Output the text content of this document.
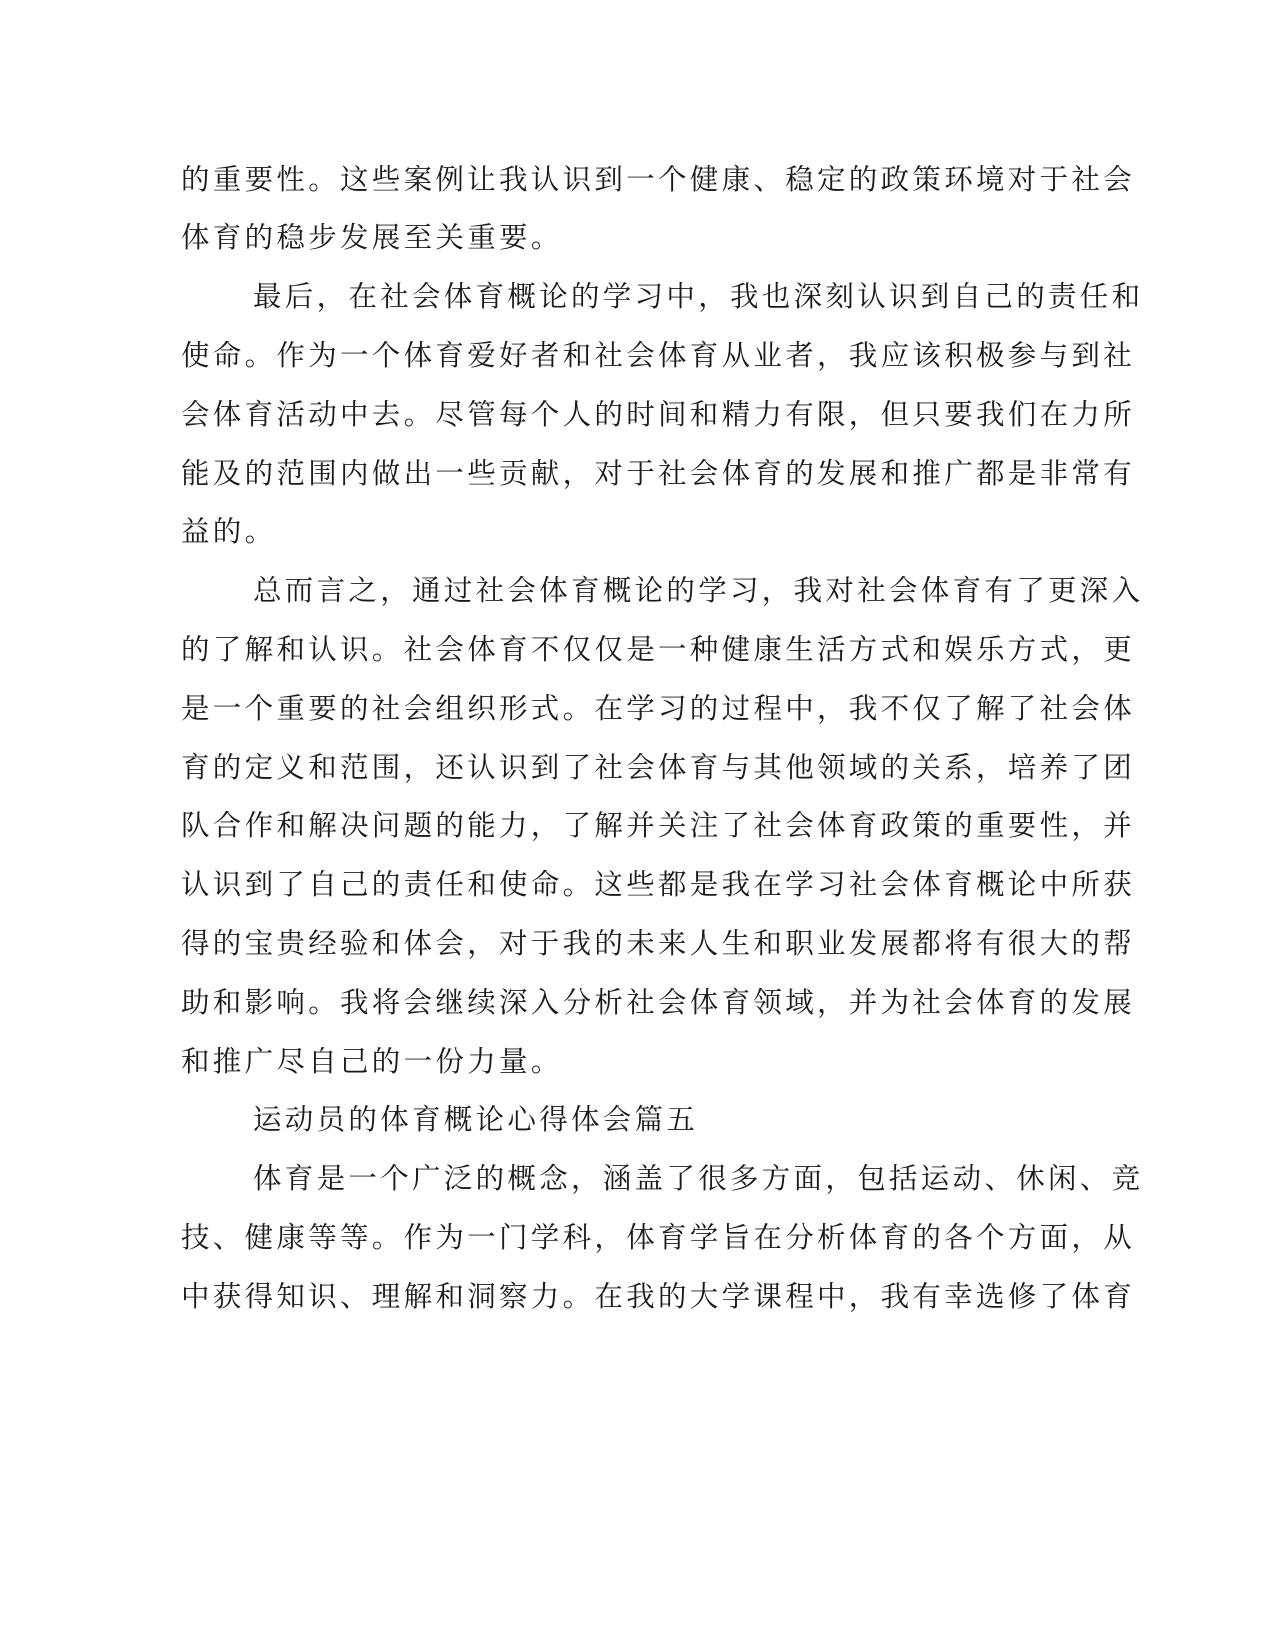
的重要性。这些案例让我认识到一个健康、稳定的政策环境对于社会
体育的稳步发展至关重要。
最后，在社会体育概论的学习中，我也深刻认识到自己的责任和
使命。作为一个体育爱好者和社会体育从业者，我应该积极参与到社
会体育活动中去。尽管每个人的时间和精力有限，但只要我们在力所
能及的范围内做出一些贡献，对于社会体育的发展和推广都是非常有
益的。
总而言之，通过社会体育概论的学习，我对社会体育有了更深入
的了解和认识。社会体育不仅仅是一种健康生活方式和娱乐方式，更
是一个重要的社会组织形式。在学习的过程中，我不仅了解了社会体
育的定义和范围，还认识到了社会体育与其他领域的关系，培养了团
队合作和解决问题的能力，了解并关注了社会体育政策的重要性，并
认识到了自己的责任和使命。这些都是我在学习社会体育概论中所获
得的宝贵经验和体会，对于我的未来人生和职业发展都将有很大的帮
助和影响。我将会继续深入分析社会体育领域，并为社会体育的发展
和推广尽自己的一份力量。
运动员的体育概论心得体会篇五
体育是一个广泛的概念，涵盖了很多方面，包括运动、休闲、竞
技、健康等等。作为一门学科，体育学旨在分析体育的各个方面，从
中获得知识、理解和洞察力。在我的大学课程中，我有幸选修了体育
